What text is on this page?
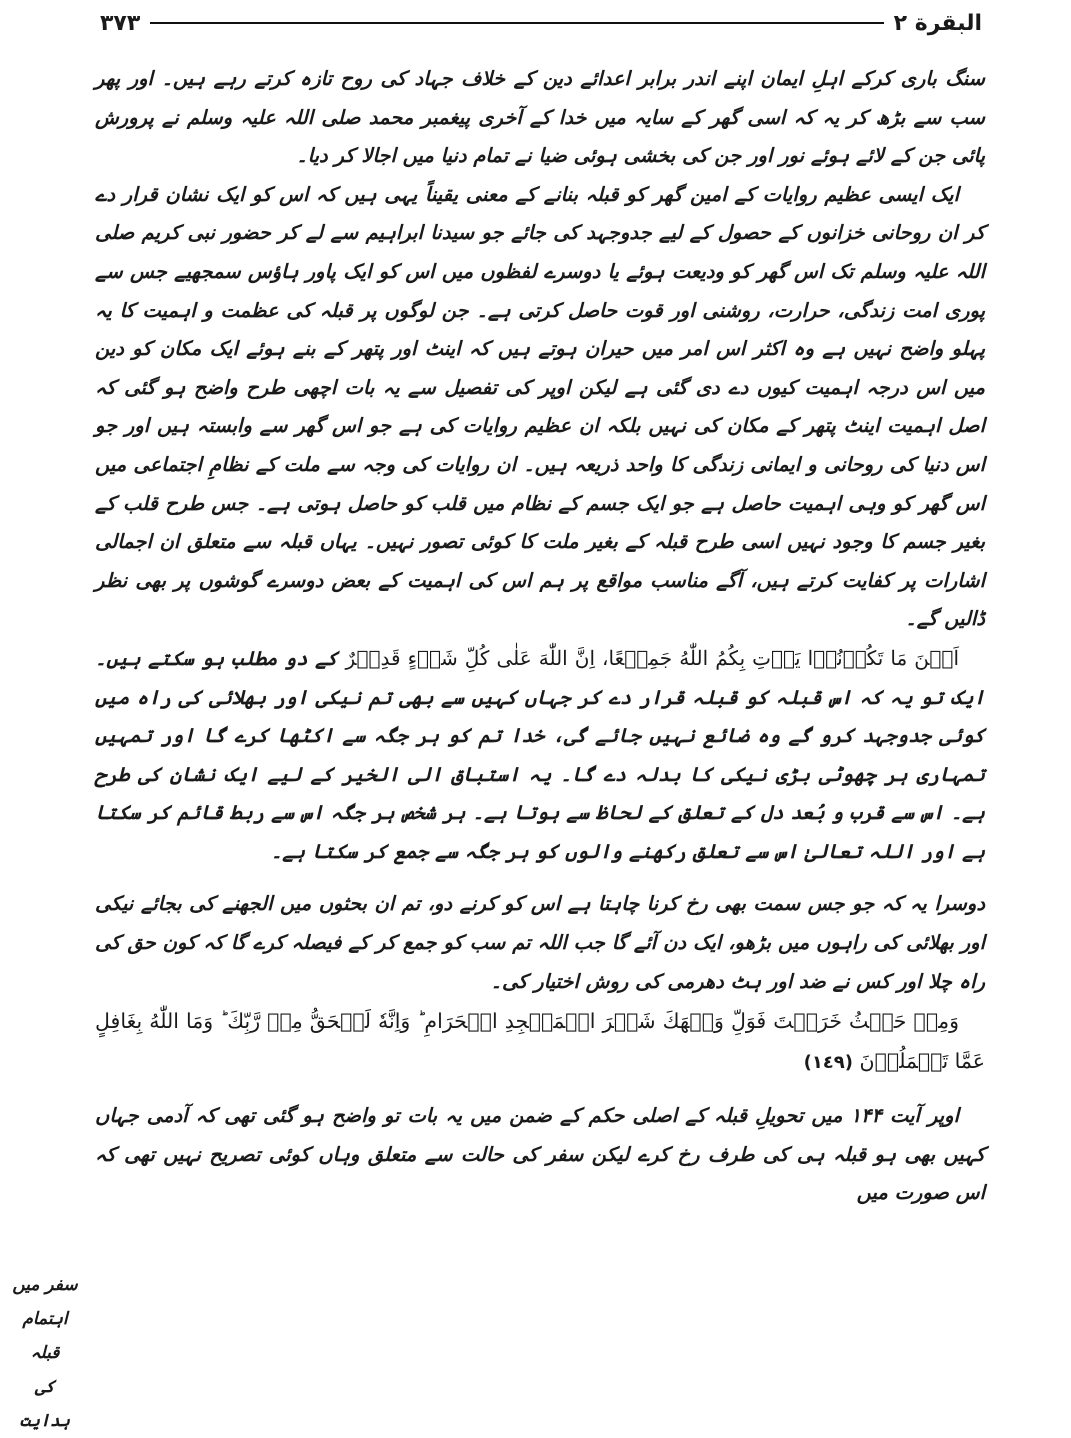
٣٧٣	البقرة ٢

سنگ باری کرکے اہلِ ایمان اپنے اندر برابر اعدائے دین کے خلاف جہاد کی روح تازہ کرتے رہے ہیں۔ اور پھر سب سے بڑھ کر یہ کہ اسی گھر کے سایہ میں خدا کے آخری پیغمبر محمد صلی اللہ علیہ وسلم نے پرورش پائی جن کے لائے ہوئے نور اور جن کی بخشی ہوئی ضیا نے تمام دنیا میں اجالا کر دیا۔

ایک ایسی عظیم روایات کے امین گھر کو قبلہ بنانے کے معنی یقیناً یہی ہیں کہ اس کو ایک نشان قرار دے کر ان روحانی خزانوں کے حصول کے لیے جدوجہد کی جائے جو سیدنا ابراہیم سے لے کر حضور نبی کریم صلی اللہ علیہ وسلم تک اس گھر کو ودیعت ہوئے یا دوسرے لفظوں میں اس کو ایک پاور ہاؤس سمجھیے جس سے پوری امت زندگی، حرارت، روشنی اور قوت حاصل کرتی ہے۔ جن لوگوں پر قبلہ کی عظمت و اہمیت کا یہ پہلو واضح نہیں ہے وہ اکثر اس امر میں حیران ہوتے ہیں کہ اینٹ اور پتھر کے بنے ہوئے ایک مکان کو دین میں اس درجہ اہمیت کیوں دے دی گئی ہے لیکن اوپر کی تفصیل سے یہ بات اچھی طرح واضح ہو گئی کہ اصل اہمیت اینٹ پتھر کے مکان کی نہیں بلکہ ان عظیم روایات کی ہے جو اس گھر سے وابستہ ہیں اور جو اس دنیا کی روحانی و ایمانی زندگی کا واحد ذریعہ ہیں۔ ان روایات کی وجہ سے ملت کے نظامِ اجتماعی میں اس گھر کو وہی اہمیت حاصل ہے جو ایک جسم کے نظام میں قلب کو حاصل ہوتی ہے۔ جس طرح قلب کے بغیر جسم کا وجود نہیں اسی طرح قبلہ کے بغیر ملت کا کوئی تصور نہیں۔ یہاں قبلہ سے متعلق ان اجمالی اشارات پر کفایت کرتے ہیں، آگے مناسب مواقع پر ہم اس کی اہمیت کے بعض دوسرے گوشوں پر بھی نظر ڈالیں گے۔

اَیۡنَ مَا تَكُوۡنُوۡا یَاۡتِ بِكُمُ اللّٰهُ جَمِیۡعًا، اِنَّ اللّٰهَ عَلٰی كُلِّ شَیۡءٍ قَدِیۡرٌ کے دو مطلب ہو سکتے ہیں۔ ایک تو یہ کہ اس قبلہ کو قبلہ قرار دے کر جہاں کہیں سے بھی تم نیکی اور بھلائی کی راہ میں کوئی جدوجہد کرو گے وہ ضائع نہیں جائے گی، خدا تم کو ہر جگہ سے اکٹھا کرے گا اور تمہیں تمہاری ہر چھوٹی بڑی نیکی کا بدلہ دے گا۔ یہ استباق الی الخیر کے لیے ایک نشان کی طرح ہے۔ اس سے قرب و بُعد دل کے تعلق کے لحاظ سے ہوتا ہے۔ ہر شخص ہر جگہ اس سے ربط قائم کر سکتا ہے اور اللہ تعالیٰ اس سے تعلق رکھنے والوں کو ہر جگہ سے جمع کر سکتا ہے۔

دوسرا یہ کہ جو جس سمت بھی رخ کرنا چاہتا ہے اس کو کرنے دو، تم ان بحثوں میں الجھنے کی بجائے نیکی اور بھلائی کی راہوں میں بڑھو، ایک دن آئے گا جب اللہ تم سب کو جمع کر کے فیصلہ کرے گا کہ کون حق کی راہ چلا اور کس نے ضد اور ہٹ دھرمی کی روش اختیار کی۔

وَمِنۡ حَیۡثُ خَرَجۡتَ فَوَلِّ وَجۡهَكَ شَطۡرَ الۡمَسۡجِدِ الۡحَرَامِ ؕ وَاِنَّهٗ لَلۡحَقُّ مِنۡ رَّبِّكَ ؕ وَمَا اللّٰهُ بِغَافِلٍ عَمَّا تَعۡمَلُوۡنَ (١٤٩)

اوپر آیت ۱۴۴ میں تحویلِ قبلہ کے اصلی حکم کے ضمن میں یہ بات تو واضح ہو گئی تھی کہ آدمی جہاں کہیں بھی ہو قبلہ ہی کی طرف رخ کرے لیکن سفر کی حالت سے متعلق وہاں کوئی تصریح نہیں تھی کہ اس صورت میں

سفر میں
اہتمام قبلہ
کی ہدایت
